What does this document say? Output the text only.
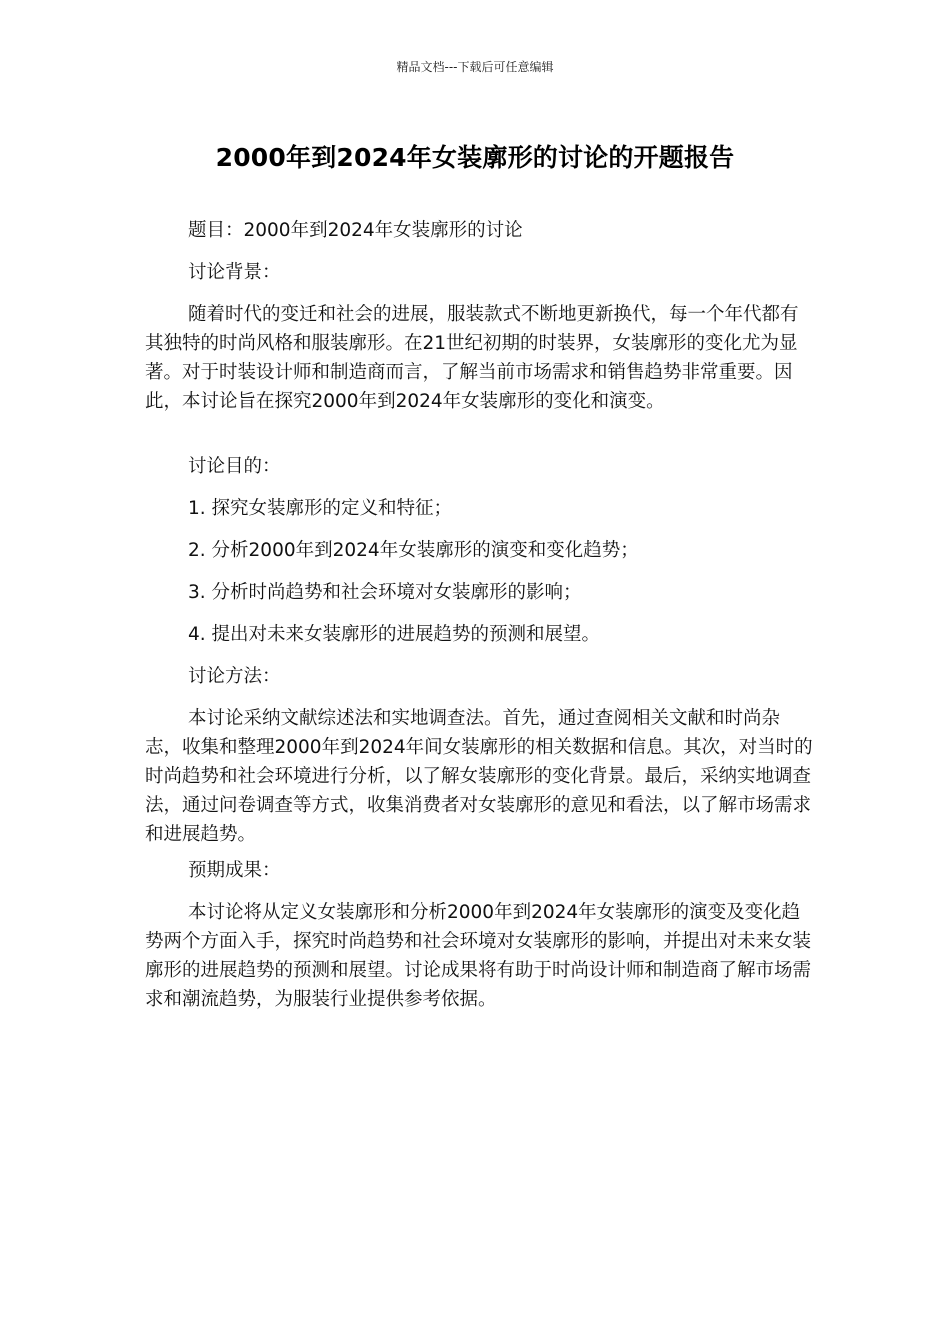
精品文档---下载后可任意编辑
2000年到2024年女装廓形的讨论的开题报告
题目：2000年到2024年女装廓形的讨论
讨论背景：
随着时代的变迁和社会的进展，服装款式不断地更新换代，每一个年代都有其独特的时尚风格和服装廓形。在21世纪初期的时装界，女装廓形的变化尤为显著。对于时装设计师和制造商而言，了解当前市场需求和销售趋势非常重要。因此，本讨论旨在探究2000年到2024年女装廓形的变化和演变。
讨论目的：
1. 探究女装廓形的定义和特征；
2. 分析2000年到2024年女装廓形的演变和变化趋势；
3. 分析时尚趋势和社会环境对女装廓形的影响；
4. 提出对未来女装廓形的进展趋势的预测和展望。
讨论方法：
本讨论采纳文献综述法和实地调查法。首先，通过查阅相关文献和时尚杂志，收集和整理2000年到2024年间女装廓形的相关数据和信息。其次，对当时的时尚趋势和社会环境进行分析，以了解女装廓形的变化背景。最后，采纳实地调查法，通过问卷调查等方式，收集消费者对女装廓形的意见和看法，以了解市场需求和进展趋势。
预期成果：
本讨论将从定义女装廓形和分析2000年到2024年女装廓形的演变及变化趋势两个方面入手，探究时尚趋势和社会环境对女装廓形的影响，并提出对未来女装廓形的进展趋势的预测和展望。讨论成果将有助于时尚设计师和制造商了解市场需求和潮流趋势，为服装行业提供参考依据。
